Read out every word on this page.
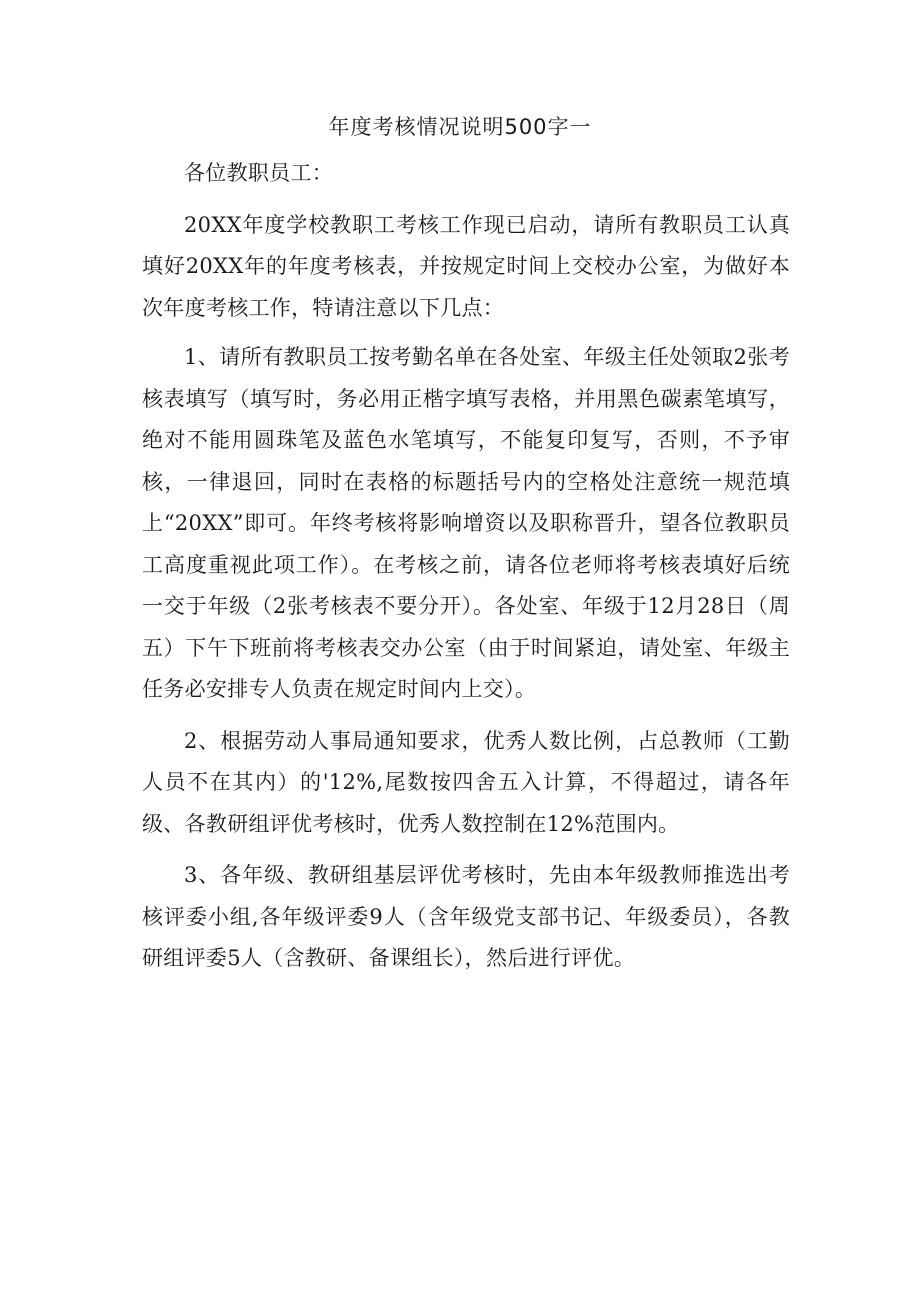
年度考核情况说明500字一

各位教职员工：

20XX年度学校教职工考核工作现已启动，请所有教职员工认真填好20XX年的年度考核表，并按规定时间上交校办公室，为做好本次年度考核工作，特请注意以下几点：

1、请所有教职员工按考勤名单在各处室、年级主任处领取2张考核表填写（填写时，务必用正楷字填写表格，并用黑色碳素笔填写，绝对不能用圆珠笔及蓝色水笔填写，不能复印复写，否则，不予审核，一律退回，同时在表格的标题括号内的空格处注意统一规范填上“20XX”即可。年终考核将影响增资以及职称晋升，望各位教职员工高度重视此项工作）。在考核之前，请各位老师将考核表填好后统一交于年级（2张考核表不要分开）。各处室、年级于12月28日（周五）下午下班前将考核表交办公室（由于时间紧迫，请处室、年级主任务必安排专人负责在规定时间内上交）。

2、根据劳动人事局通知要求，优秀人数比例，占总教师（工勤人员不在其内）的'12%,尾数按四舍五入计算，不得超过，请各年级、各教研组评优考核时，优秀人数控制在12%范围内。

3、各年级、教研组基层评优考核时，先由本年级教师推选出考核评委小组,各年级评委9人（含年级党支部书记、年级委员），各教研组评委5人（含教研、备课组长），然后进行评优。
